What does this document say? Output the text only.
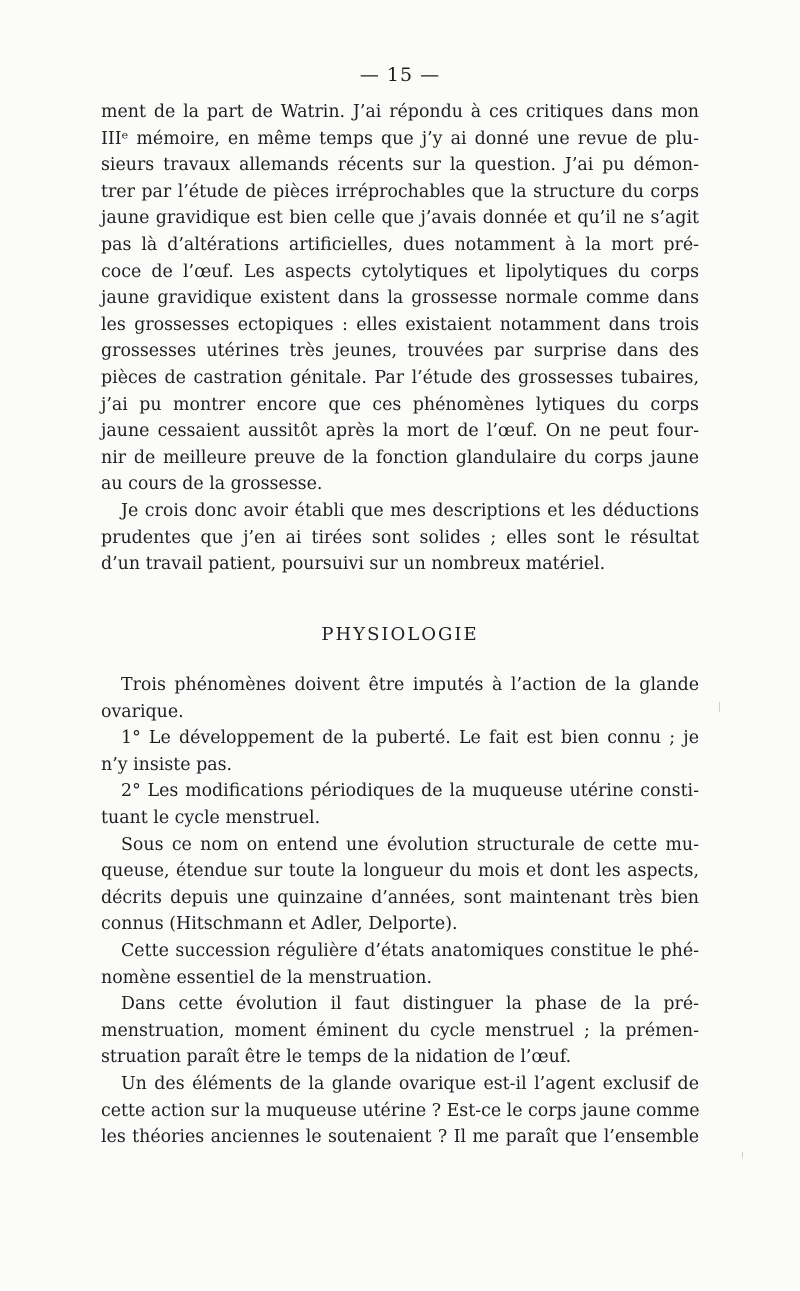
— 15 —
ment de la part de Watrin. J’ai répondu à ces critiques dans mon
IIIᵉ mémoire, en même temps que j’y ai donné une revue de plu-
sieurs travaux allemands récents sur la question. J’ai pu démon-
trer par l’étude de pièces irréprochables que la structure du corps
jaune gravidique est bien celle que j’avais donnée et qu’il ne s’agit
pas là d’altérations artificielles, dues notamment à la mort pré-
coce de l’œuf. Les aspects cytolytiques et lipolytiques du corps
jaune gravidique existent dans la grossesse normale comme dans
les grossesses ectopiques : elles existaient notamment dans trois
grossesses utérines très jeunes, trouvées par surprise dans des
pièces de castration génitale. Par l’étude des grossesses tubaires,
j’ai pu montrer encore que ces phénomènes lytiques du corps
jaune cessaient aussitôt après la mort de l’œuf. On ne peut four-
nir de meilleure preuve de la fonction glandulaire du corps jaune
au cours de la grossesse.
Je crois donc avoir établi que mes descriptions et les déductions
prudentes que j’en ai tirées sont solides ; elles sont le résultat
d’un travail patient, poursuivi sur un nombreux matériel.
PHYSIOLOGIE
Trois phénomènes doivent être imputés à l’action de la glande
ovarique.
1° Le développement de la puberté. Le fait est bien connu ; je
n’y insiste pas.
2° Les modifications périodiques de la muqueuse utérine consti-
tuant le cycle menstruel.
Sous ce nom on entend une évolution structurale de cette mu-
queuse, étendue sur toute la longueur du mois et dont les aspects,
décrits depuis une quinzaine d’années, sont maintenant très bien
connus (Hitschmann et Adler, Delporte).
Cette succession régulière d’états anatomiques constitue le phé-
nomène essentiel de la menstruation.
Dans cette évolution il faut distinguer la phase de la pré-
menstruation, moment éminent du cycle menstruel ; la prémen-
struation paraît être le temps de la nidation de l’œuf.
Un des éléments de la glande ovarique est-il l’agent exclusif de
cette action sur la muqueuse utérine ? Est-ce le corps jaune comme
les théories anciennes le soutenaient ? Il me paraît que l’ensemble
